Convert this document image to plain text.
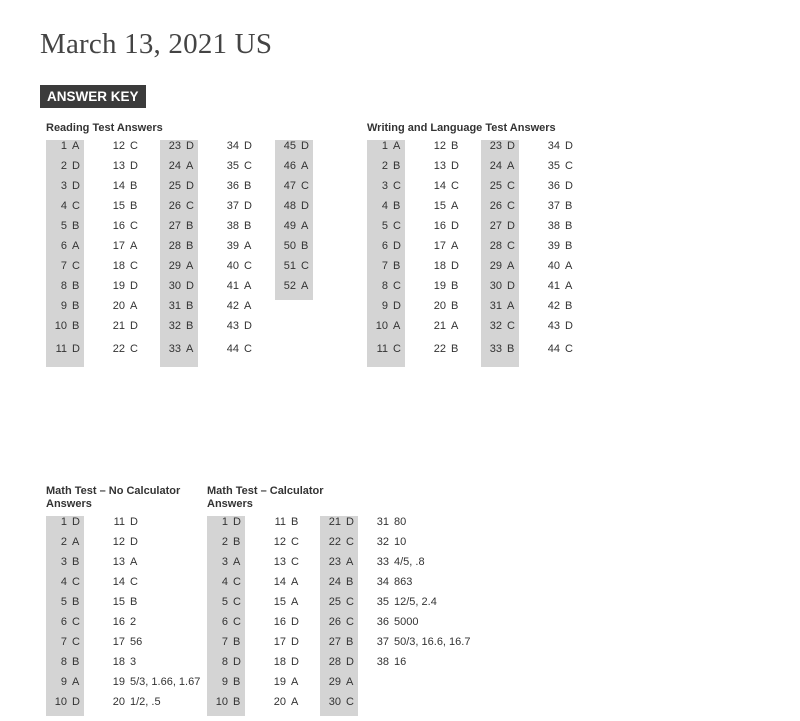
March 13, 2021 US
ANSWER KEY
Reading Test Answers	Writing and Language Test Answers
Math Test – No Calculator
Answers
Math Test – Calculator
Answers
1 A
2 D
3 D
4 C
5 B
6 A
7 C
8 B
9 B
10 B
11 D
12 C
13 D
14 B
15 B
16 C
17 A
18 C
19 D
20 A
21 D
22 C
23 D
24 A
25 D
26 C
27 B
28 B
29 A
30 D
31 B
32 B
33 A
34 D
35 C
36 B
37 D
38 B
39 A
40 C
41 A
42 A
43 D
44 C
45 D
46 A
47 C
48 D
49 A
50 B
51 C
52 A
1 A
2 B
3 C
4 B
5 C
6 D
7 B
8 C
9 D
10 A
11 C
12 B
13 D
14 C
15 A
16 D
17 A
18 D
19 B
20 B
21 A
22 B
23 D
24 A
25 C
26 C
27 D
28 C
29 A
30 D
31 A
32 C
33 B
34 D
35 C
36 D
37 B
38 B
39 B
40 A
41 A
42 B
43 D
44 C
1 D
2 A
3 B
4 C
5 B
6 C
7 C
8 B
9 A
10 D
11 D
12 D
13 A
14 C
15 B
16 2
17 56
18 3
19 5/3, 1.66, 1.67
20 1/2, .5
1 D
2 B
3 A
4 C
5 C
6 C
7 B
8 D
9 B
10 B
11 B
12 C
13 C
14 A
15 A
16 D
17 D
18 D
19 A
20 A
21 D
22 C
23 A
24 B
25 C
26 C
27 B
28 D
29 A
30 C
31 80
32 10
33 4/5, .8
34 863
35 12/5, 2.4
36 5000
37 50/3, 16.6, 16.7
38 16
